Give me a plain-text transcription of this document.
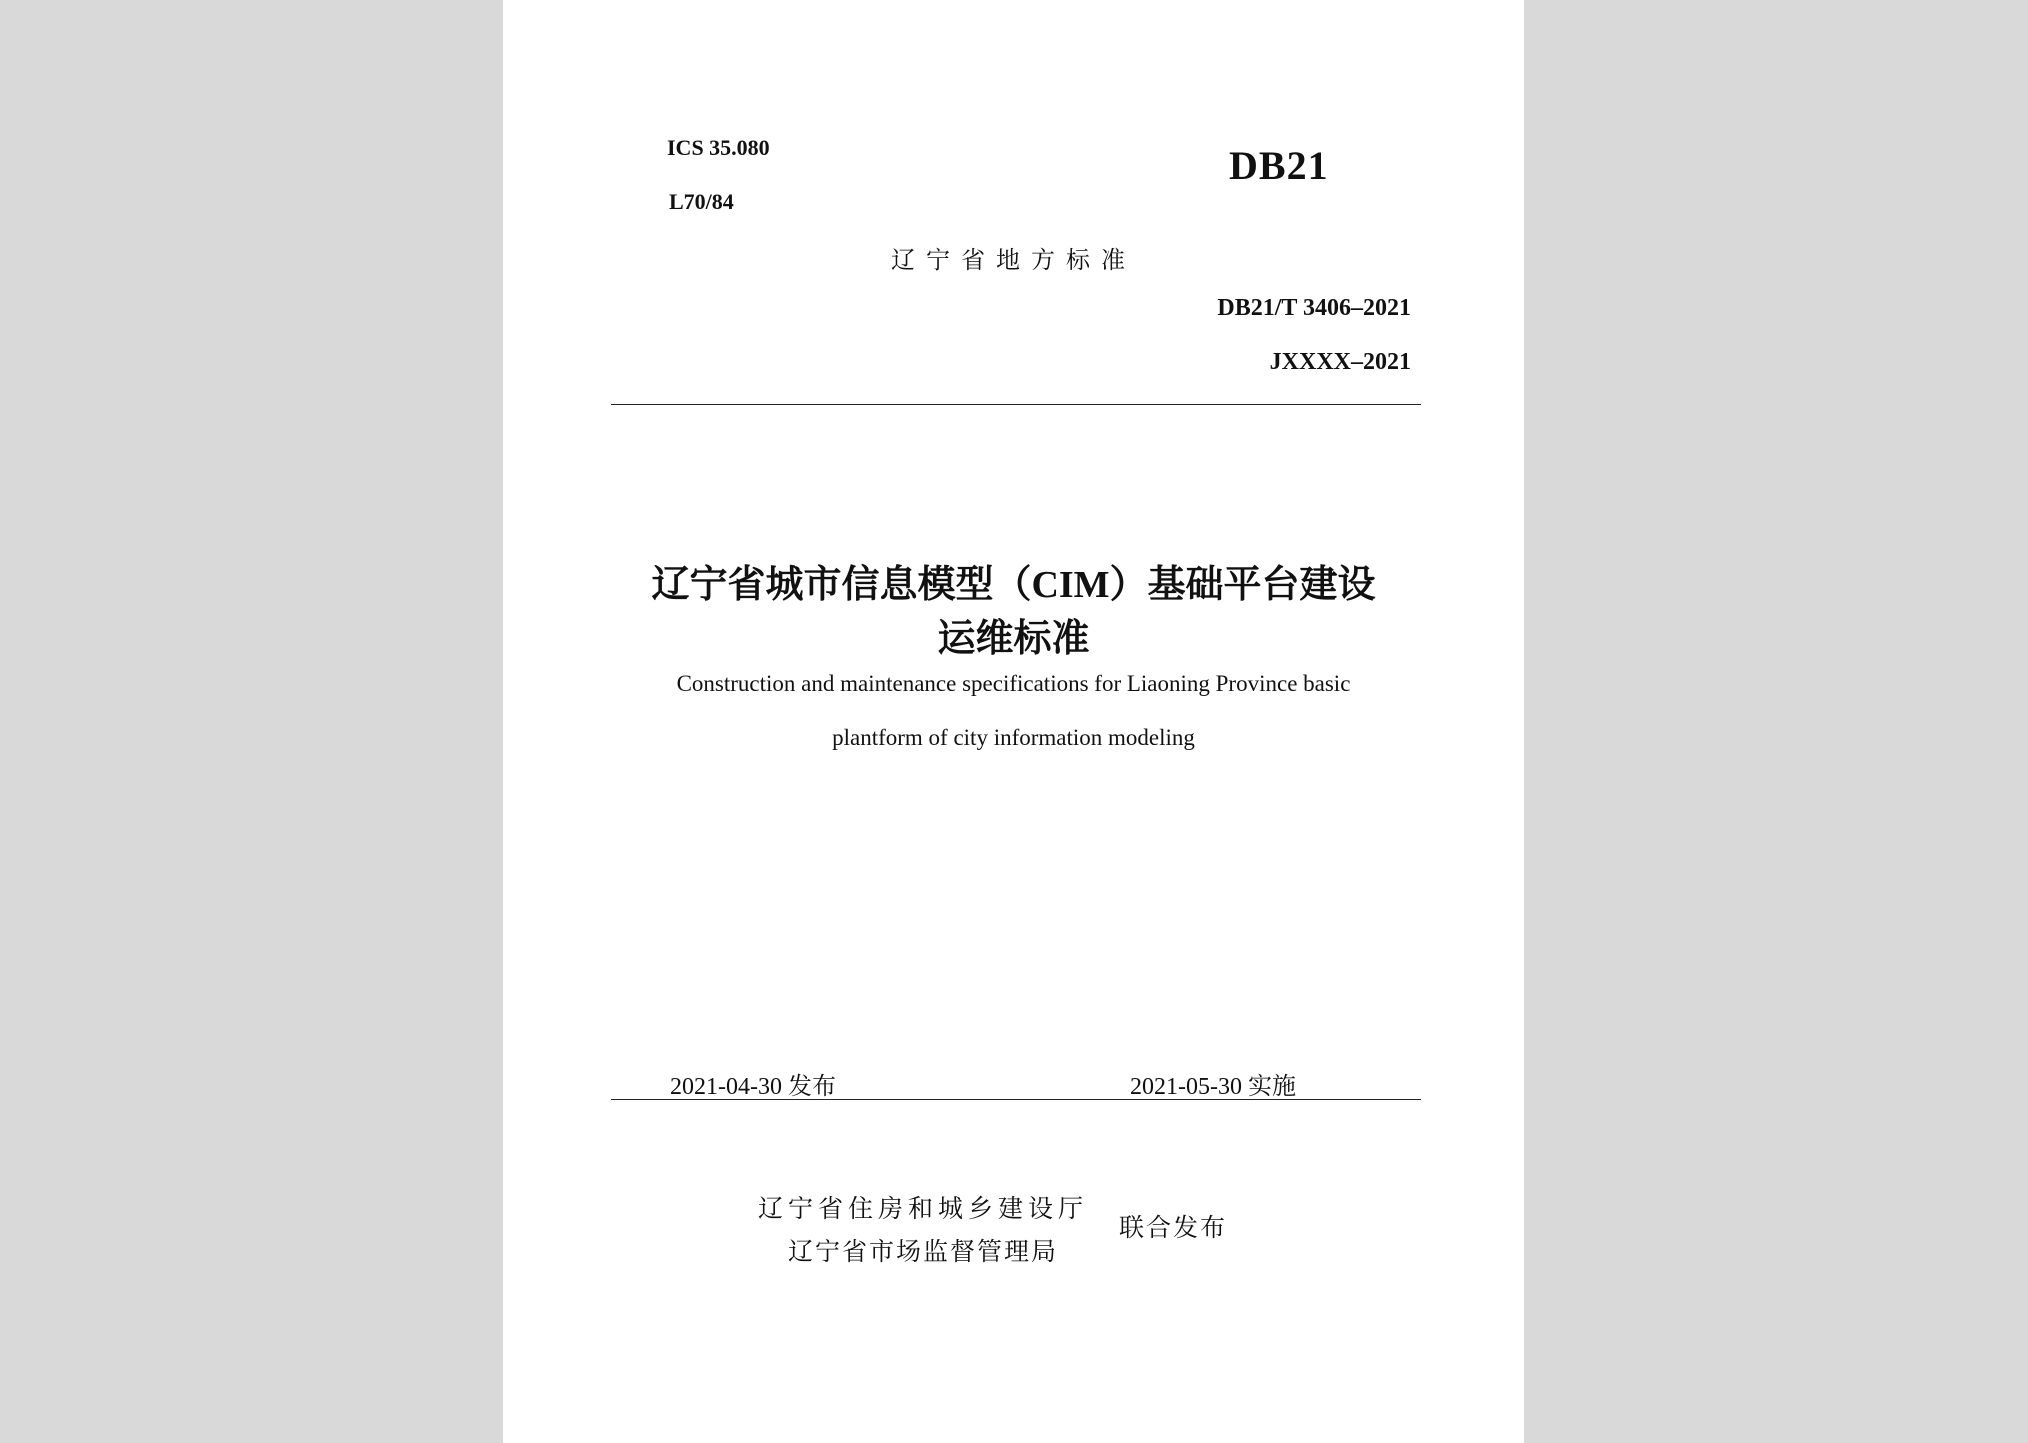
ICS 35.080
L70/84
DB21
辽宁省地方标准
DB21/T 3406–2021
JXXXX–2021
辽宁省城市信息模型（CIM）基础平台建设
运维标准
Construction and maintenance specifications for Liaoning Province basic
plantform of city information modeling
2021-04-30 发布	2021-05-30 实施
辽宁省住房和城乡建设厅
辽宁省市场监督管理局
联合发布
